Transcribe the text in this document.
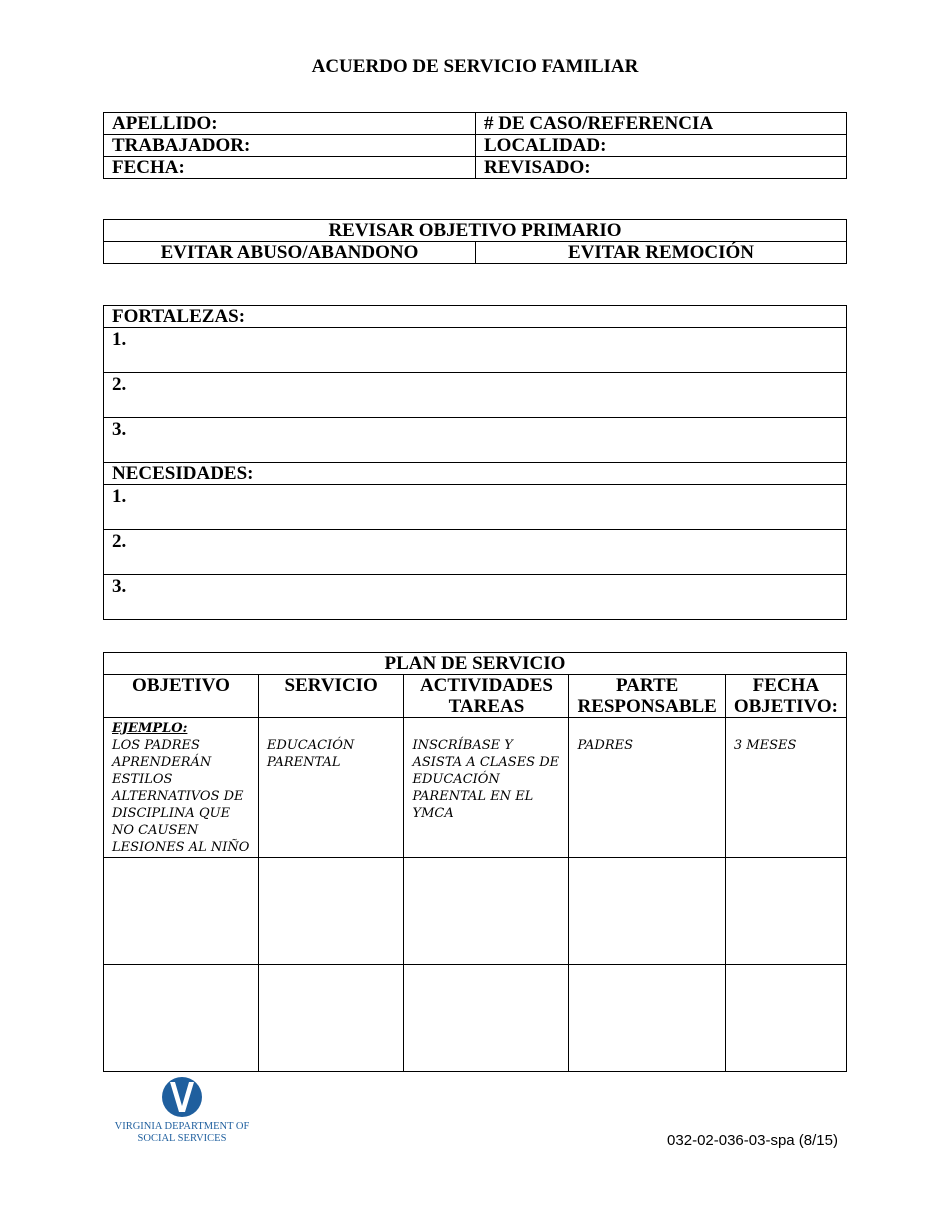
ACUERDO DE SERVICIO FAMILIAR
APELLIDO:	# DE CASO/REFERENCIA
TRABAJADOR:	LOCALIDAD:
FECHA:	REVISADO:
REVISAR OBJETIVO PRIMARIO
EVITAR ABUSO/ABANDONO	EVITAR REMOCIÓN
FORTALEZAS:
1.
2.
3.
NECESIDADES:
1.
2.
3.
PLAN DE SERVICIO				
OBJETIVO	SERVICIO	ACTIVIDADES TAREAS	PARTE RESPONSABLE	FECHA OBJETIVO:

EJEMPLO:
LOS PADRES APRENDERÁN ESTILOS ALTERNATIVOS DE DISCIPLINA QUE NO CAUSEN LESIONES AL NIÑO	EDUCACIÓN PARENTAL	INSCRÍBASE Y ASISTA A CLASES DE EDUCACIÓN PARENTAL EN EL YMCA	PADRES	3 MESES

VIRGINIA DEPARTMENT OF
SOCIAL SERVICES	032-02-036-03-spa (8/15)
